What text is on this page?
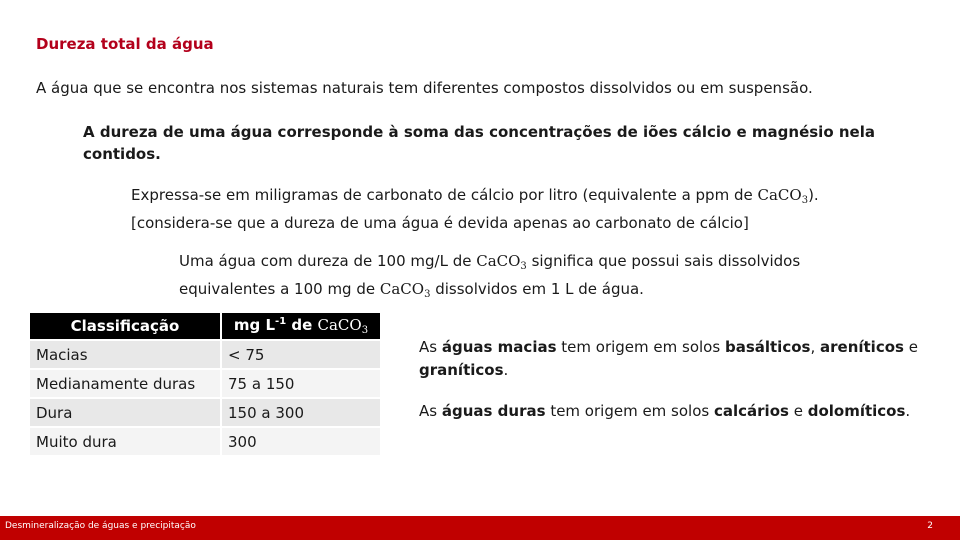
Dureza total da água
A água que se encontra nos sistemas naturais tem diferentes compostos dissolvidos ou em suspensão.
A dureza de uma água corresponde à soma das concentrações de iões cálcio e magnésio nela contidos.
Expressa-se em miligramas de carbonato de cálcio por litro (equivalente a ppm de CaCO$_3$).
[considera-se que a dureza de uma água é devida apenas ao carbonato de cálcio]
Uma água com dureza de 100 mg/L de CaCO$_3$ significa que possui sais dissolvidos equivalentes a 100 mg de CaCO$_3$ dissolvidos em 1 L de água.
Classificação	mg $L^{-1}$ de CaCO$_3$
Macias	< 75
Medianamente duras	75 a 150
Dura	150 a 300
Muito dura	300
As águas macias tem origem em solos basálticos, areníticos e graníticos.
As águas duras tem origem em solos calcários e dolomíticos.
Desmineralização de águas e precipitação	2
